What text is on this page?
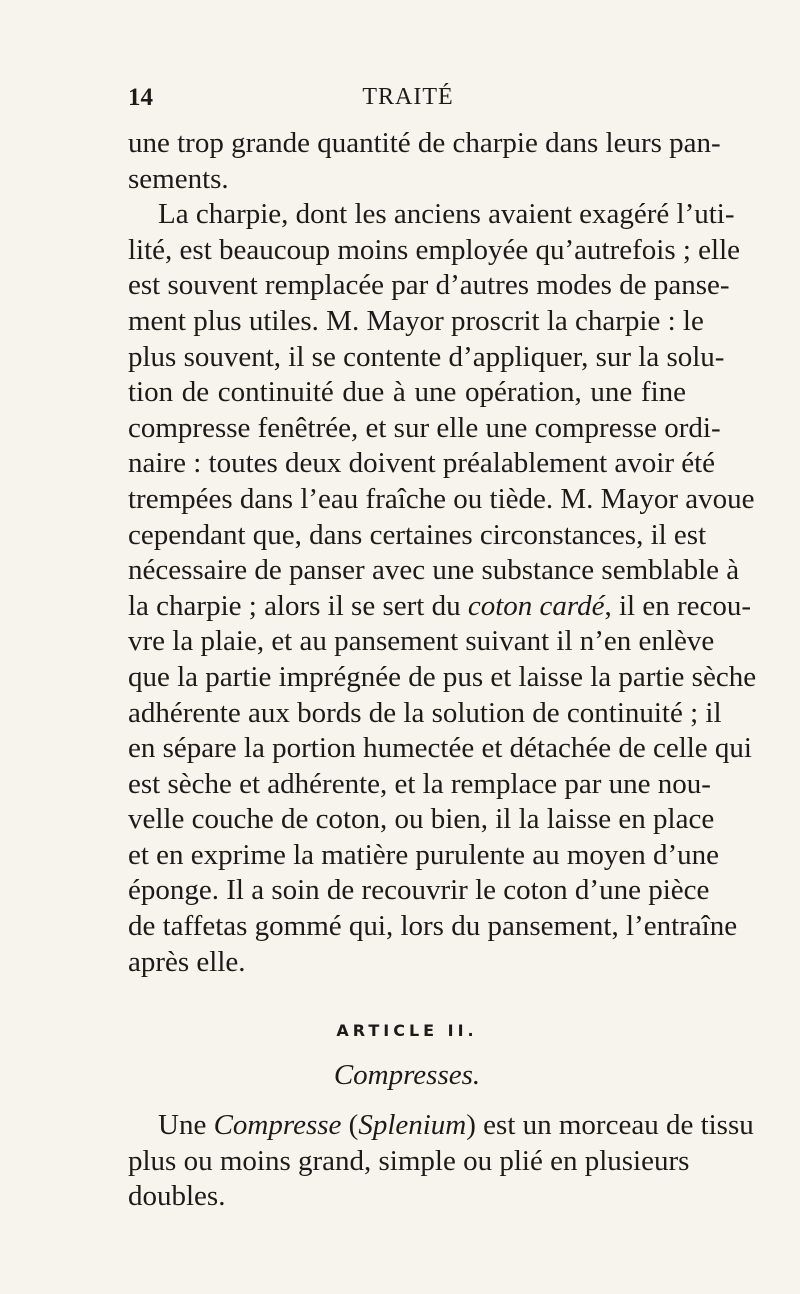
14	TRAITÉ
une trop grande quantité de charpie dans leurs pan-
sements.
La charpie, dont les anciens avaient exagéré l’uti-
lité, est beaucoup moins employée qu’autrefois ; elle
est souvent remplacée par d’autres modes de panse-
ment plus utiles. M. Mayor proscrit la charpie : le
plus souvent, il se contente d’appliquer, sur la solu-
tion de continuité due à une opération, une fine
compresse fenêtrée, et sur elle une compresse ordi-
naire : toutes deux doivent préalablement avoir été
trempées dans l’eau fraîche ou tiède. M. Mayor avoue
cependant que, dans certaines circonstances, il est
nécessaire de panser avec une substance semblable à
la charpie ; alors il se sert du coton cardé, il en recou-
vre la plaie, et au pansement suivant il n’en enlève
que la partie imprégnée de pus et laisse la partie sèche
adhérente aux bords de la solution de continuité ; il
en sépare la portion humectée et détachée de celle qui
est sèche et adhérente, et la remplace par une nou-
velle couche de coton, ou bien, il la laisse en place
et en exprime la matière purulente au moyen d’une
éponge. Il a soin de recouvrir le coton d’une pièce
de taffetas gommé qui, lors du pansement, l’entraîne
après elle.
ARTICLE II.
Compresses.
Une Compresse (Splenium) est un morceau de tissu
plus ou moins grand, simple ou plié en plusieurs
doubles.
